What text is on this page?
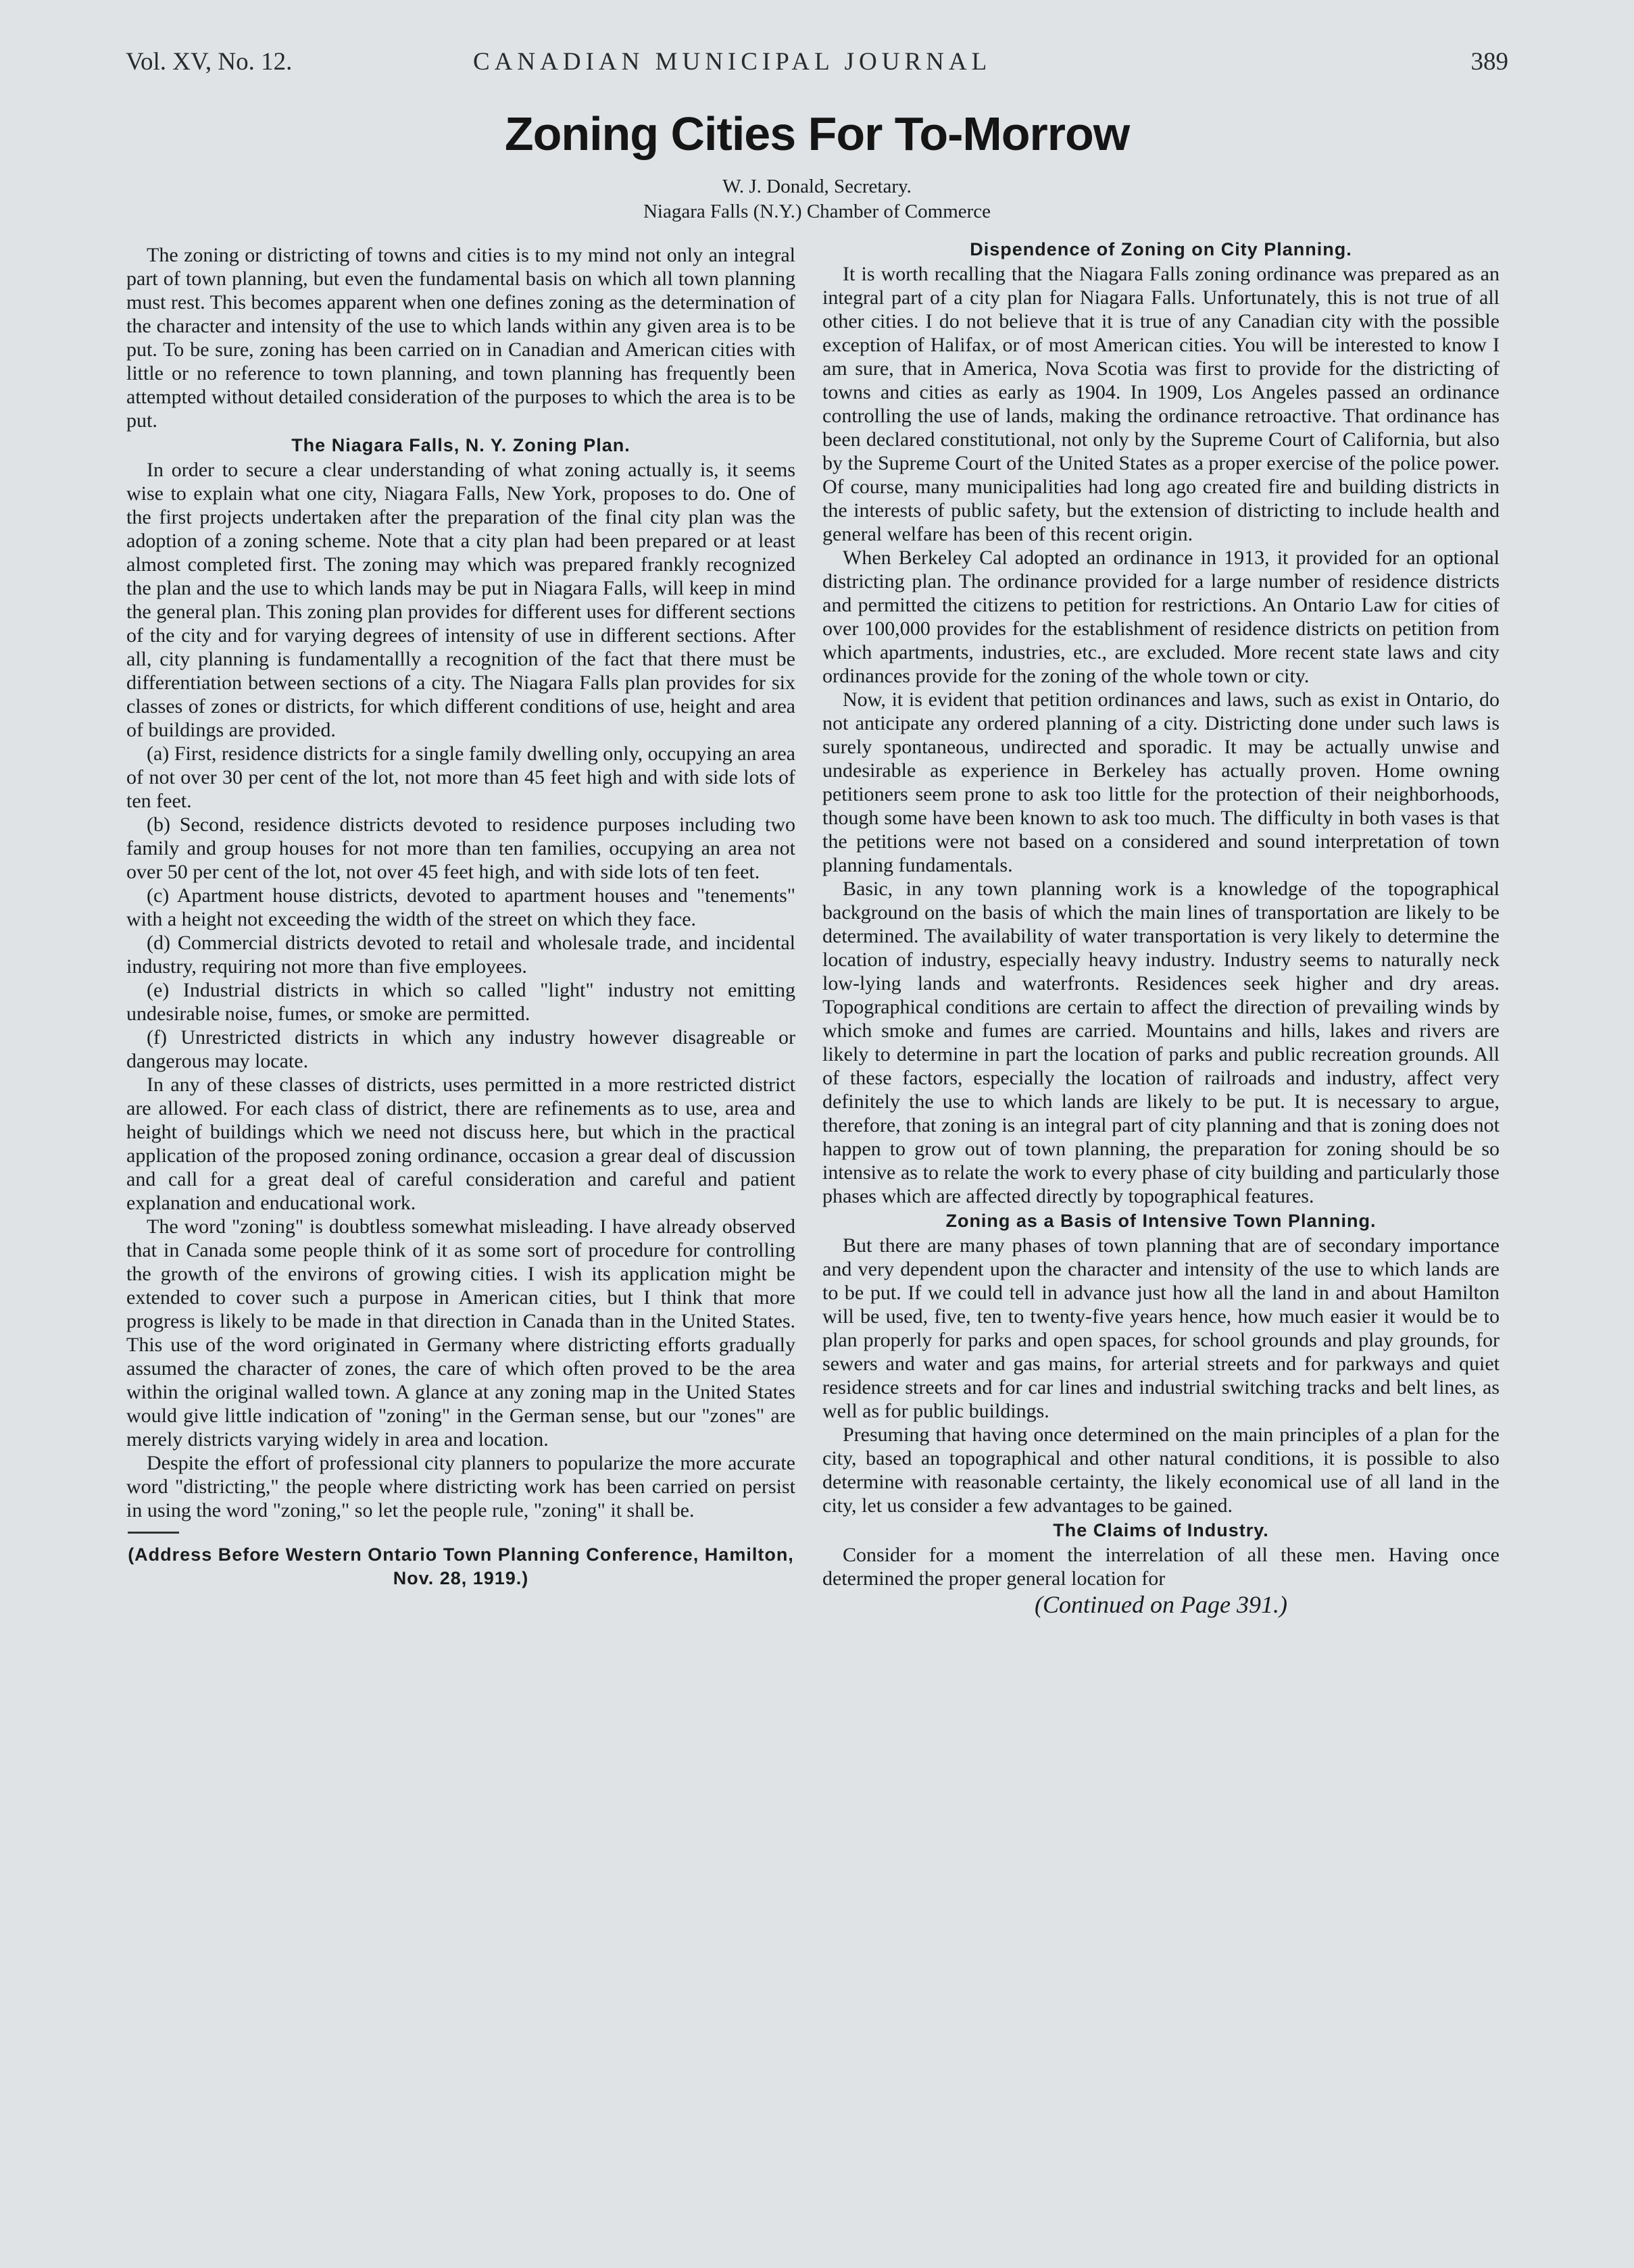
Vol. XV, No. 12.	CANADIAN MUNICIPAL JOURNAL	389
Zoning Cities For To-Morrow
W. J. Donald, Secretary.
Niagara Falls (N.Y.) Chamber of Commerce

The zoning or districting of towns and cities is to my mind not only an integral part of town planning, but even the fundamental basis on which all town planning must rest. This becomes apparent when one defines zoning as the determination of the character and intensity of the use to which lands within any given area is to be put. To be sure, zoning has been carried on in Canadian and American cities with little or no reference to town planning, and town planning has frequently been attempted without detailed consideration of the purposes to which the area is to be put.

The Niagara Falls, N. Y. Zoning Plan.

In order to secure a clear understanding of what zoning actually is, it seems wise to explain what one city, Niagara Falls, New York, proposes to do. One of the first projects undertaken after the preparation of the final city plan was the adoption of a zoning scheme. Note that a city plan had been prepared or at least almost completed first. The zoning may which was prepared frankly recognized the plan and the use to which lands may be put in Niagara Falls, will keep in mind the general plan. This zoning plan provides for different uses for different sections of the city and for varying degrees of intensity of use in different sections. After all, city planning is fundamentallly a recognition of the fact that there must be differentiation between sections of a city. The Niagara Falls plan provides for six classes of zones or districts, for which different conditions of use, height and area of buildings are provided.

(a) First, residence districts for a single family dwelling only, occupying an area of not over 30 per cent of the lot, not more than 45 feet high and with side lots of ten feet.

(b) Second, residence districts devoted to residence purposes including two family and group houses for not more than ten families, occupying an area not over 50 per cent of the lot, not over 45 feet high, and with side lots of ten feet.

(c) Apartment house districts, devoted to apartment houses and "tenements" with a height not exceeding the width of the street on which they face.

(d) Commercial districts devoted to retail and wholesale trade, and incidental industry, requiring not more than five employees.

(e) Industrial districts in which so called "light" industry not emitting undesirable noise, fumes, or smoke are permitted.

(f) Unrestricted districts in which any industry however disagreable or dangerous may locate.

In any of these classes of districts, uses permitted in a more restricted district are allowed. For each class of district, there are refinements as to use, area and height of buildings which we need not discuss here, but which in the practical application of the proposed zoning ordinance, occasion a grear deal of discussion and call for a great deal of careful consideration and careful and patient explanation and enducational work.

The word "zoning" is doubtless somewhat misleading. I have already observed that in Canada some people think of it as some sort of procedure for controlling the growth of the environs of growing cities. I wish its application might be extended to cover such a purpose in American cities, but I think that more progress is likely to be made in that direction in Canada than in the United States. This use of the word originated in Germany where districting efforts gradually assumed the character of zones, the care of which often proved to be the area within the original walled town. A glance at any zoning map in the United States would give little indication of "zoning" in the German sense, but our "zones" are merely districts varying widely in area and location.

Despite the effort of professional city planners to popularize the more accurate word "districting," the people where districting work has been carried on persist in using the word "zoning," so let the people rule, "zoning" it shall be.

(Address Before Western Ontario Town Planning Conference, Hamilton, Nov. 28, 1919.)
Dispendence of Zoning on City Planning.

It is worth recalling that the Niagara Falls zoning ordinance was prepared as an integral part of a city plan for Niagara Falls. Unfortunately, this is not true of all other cities. I do not believe that it is true of any Canadian city with the possible exception of Halifax, or of most American cities. You will be interested to know I am sure, that in America, Nova Scotia was first to provide for the districting of towns and cities as early as 1904. In 1909, Los Angeles passed an ordinance controlling the use of lands, making the ordinance retroactive. That ordinance has been declared constitutional, not only by the Supreme Court of California, but also by the Supreme Court of the United States as a proper exercise of the police power. Of course, many municipalities had long ago created fire and building districts in the interests of public safety, but the extension of districting to include health and general welfare has been of this recent origin.

When Berkeley Cal adopted an ordinance in 1913, it provided for an optional districting plan. The ordinance provided for a large number of residence districts and permitted the citizens to petition for restrictions. An Ontario Law for cities of over 100,000 provides for the establishment of residence districts on petition from which apartments, industries, etc., are excluded. More recent state laws and city ordinances provide for the zoning of the whole town or city.

Now, it is evident that petition ordinances and laws, such as exist in Ontario, do not anticipate any ordered planning of a city. Districting done under such laws is surely spontaneous, undirected and sporadic. It may be actually unwise and undesirable as experience in Berkeley has actually proven. Home owning petitioners seem prone to ask too little for the protection of their neighborhoods, though some have been known to ask too much. The difficulty in both vases is that the petitions were not based on a considered and sound interpretation of town planning fundamentals.

Basic, in any town planning work is a knowledge of the topographical background on the basis of which the main lines of transportation are likely to be determined. The availability of water transportation is very likely to determine the location of industry, especially heavy industry. Industry seems to naturally neck low-lying lands and waterfronts. Residences seek higher and dry areas. Topographical conditions are certain to affect the direction of prevailing winds by which smoke and fumes are carried. Mountains and hills, lakes and rivers are likely to determine in part the location of parks and public recreation grounds. All of these factors, especially the location of railroads and industry, affect very definitely the use to which lands are likely to be put. It is necessary to argue, therefore, that zoning is an integral part of city planning and that is zoning does not happen to grow out of town planning, the preparation for zoning should be so intensive as to relate the work to every phase of city building and particularly those phases which are affected directly by topographical features.

Zoning as a Basis of Intensive Town Planning.

But there are many phases of town planning that are of secondary importance and very dependent upon the character and intensity of the use to which lands are to be put. If we could tell in advance just how all the land in and about Hamilton will be used, five, ten to twenty-five years hence, how much easier it would be to plan properly for parks and open spaces, for school grounds and play grounds, for sewers and water and gas mains, for arterial streets and for parkways and quiet residence streets and for car lines and industrial switching tracks and belt lines, as well as for public buildings.

Presuming that having once determined on the main principles of a plan for the city, based an topographical and other natural conditions, it is possible to also determine with reasonable certainty, the likely economical use of all land in the city, let us consider a few advantages to be gained.

The Claims of Industry.

Consider for a moment the interrelation of all these men. Having once determined the proper general location for

(Continued on Page 391.)
